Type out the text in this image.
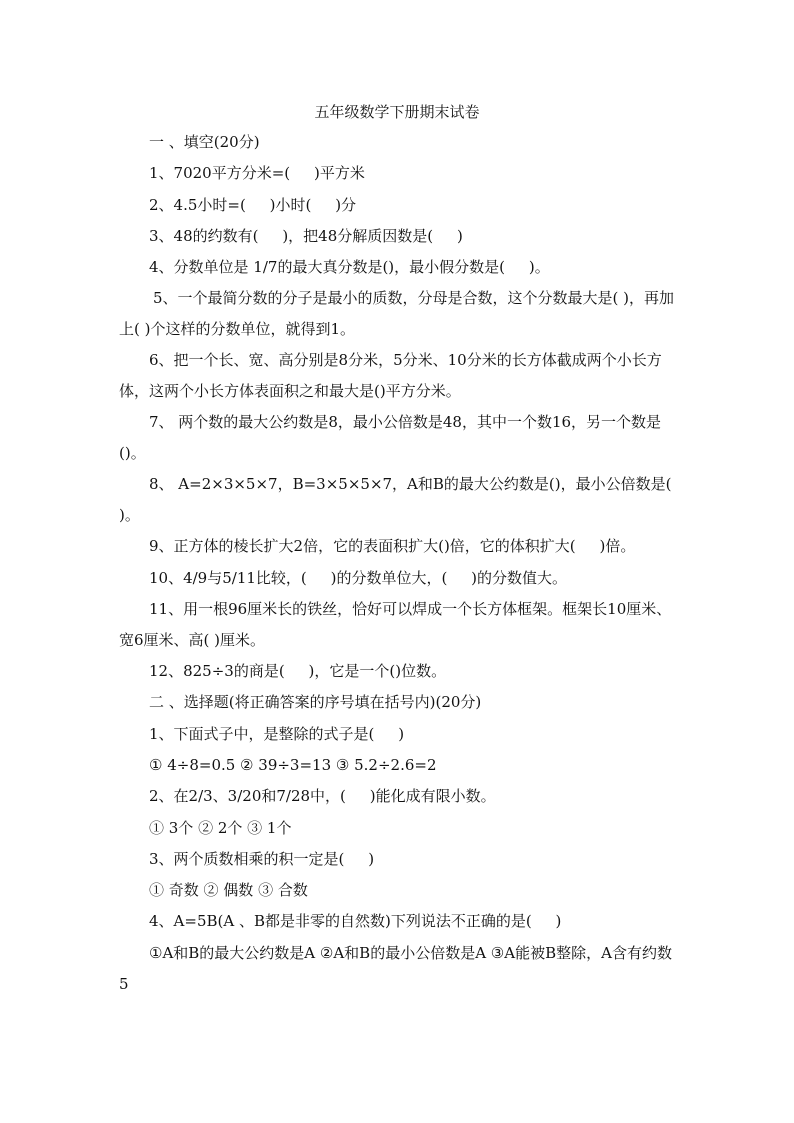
五年级数学下册期末试卷
一 、填空(20分)
1、7020平方分米=(     )平方米
2、4.5小时=(     )小时(     )分
3、48的约数有(     )，把48分解质因数是(     )
4、分数单位是 1/7的最大真分数是()，最小假分数是(     )。
5、一个最简分数的分子是最小的质数，分母是合数，这个分数最大是( )，再加上( )个这样的分数单位，就得到1。
6、把一个长、宽、高分别是8分米，5分米、10分米的长方体截成两个小长方体，这两个小长方体表面积之和最大是()平方分米。
7、 两个数的最大公约数是8，最小公倍数是48，其中一个数16，另一个数是()。
8、 A=2×3×5×7，B=3×5×5×7，A和B的最大公约数是()，最小公倍数是( )。
9、正方体的棱长扩大2倍，它的表面积扩大()倍，它的体积扩大(     )倍。
10、4/9与5/11比较，(     )的分数单位大，(     )的分数值大。
11、用一根96厘米长的铁丝，恰好可以焊成一个长方体框架。框架长10厘米、宽6厘米、高( )厘米。
12、825÷3的商是(     )，它是一个()位数。
二 、选择题(将正确答案的序号填在括号内)(20分)
1、下面式子中，是整除的式子是(     )
① 4÷8=0.5 ② 39÷3=13 ③ 5.2÷2.6=2
2、在2/3、3/20和7/28中，(     )能化成有限小数。
① 3个 ② 2个 ③ 1个
3、两个质数相乘的积一定是(     )
① 奇数 ② 偶数 ③ 合数
4、A=5B(A 、B都是非零的自然数)下列说法不正确的是(     )
①A和B的最大公约数是A ②A和B的最小公倍数是A ③A能被B整除，A含有约数5
